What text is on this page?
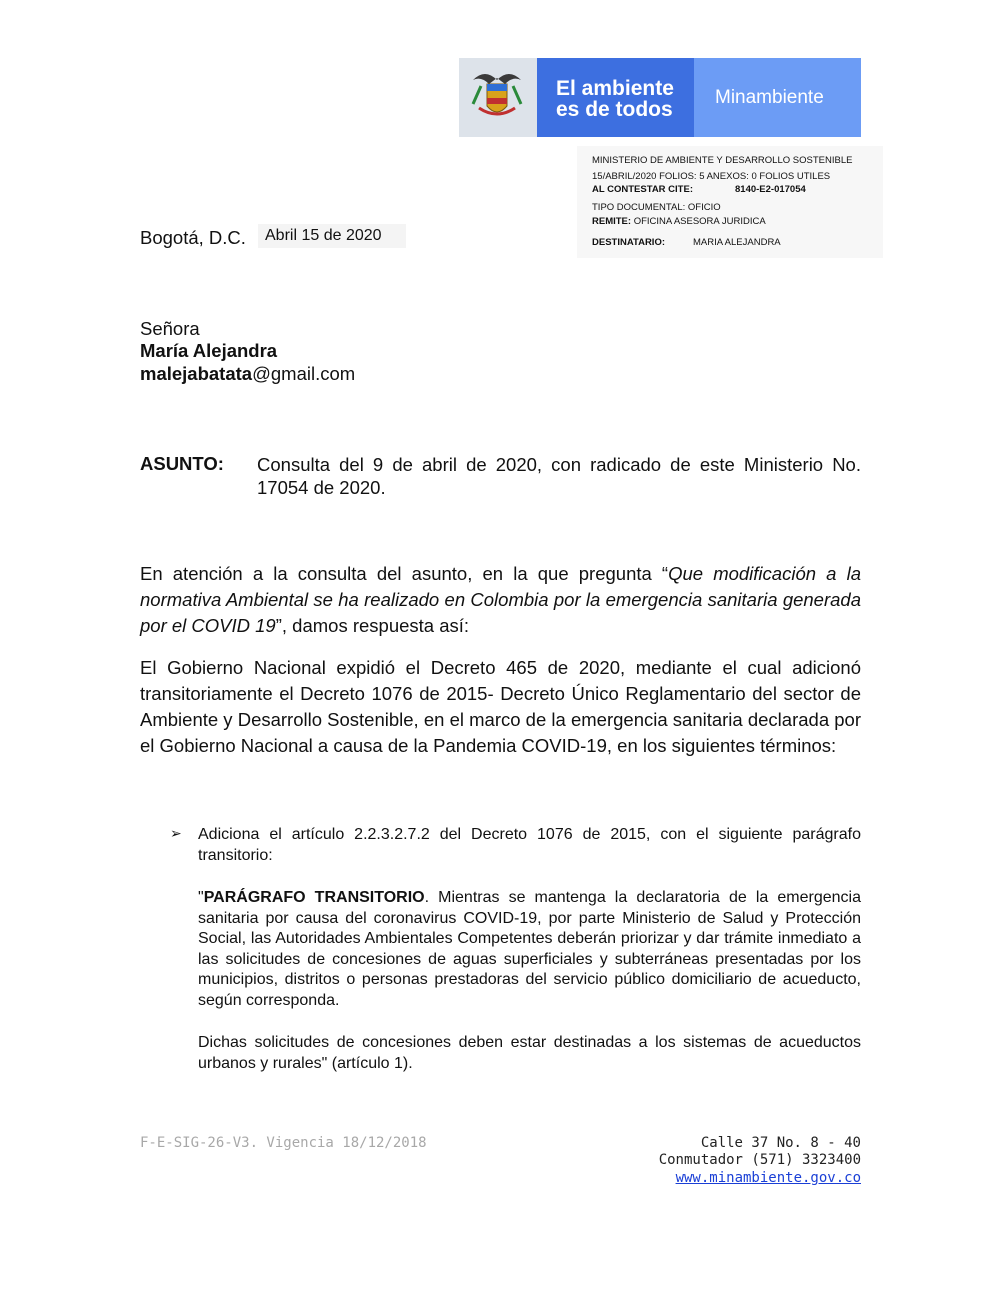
El ambiente
es de todos
Minambiente
MINISTERIO DE AMBIENTE Y DESARROLLO SOSTENIBLE
15/ABRIL/2020 FOLIOS: 5 ANEXOS: 0 FOLIOS UTILES
AL CONTESTAR CITE:	8140-E2-017054
TIPO DOCUMENTAL: OFICIO
REMITE: OFICINA ASESORA JURIDICA
DESTINATARIO:	MARIA ALEJANDRA
Bogotá, D.C. Abril 15 de 2020
Señora
María Alejandra
malejabatata@gmail.com
ASUNTO: Consulta del 9 de abril de 2020, con radicado de este Ministerio No. 17054 de 2020.
En atención a la consulta del asunto, en la que pregunta “Que modificación a la normativa Ambiental se ha realizado en Colombia por la emergencia sanitaria generada por el COVID 19”, damos respuesta así:
El Gobierno Nacional expidió el Decreto 465 de 2020, mediante el cual adicionó transitoriamente el Decreto 1076 de 2015- Decreto Único Reglamentario del sector de Ambiente y Desarrollo Sostenible, en el marco de la emergencia sanitaria declarada por el Gobierno Nacional a causa de la Pandemia COVID-19, en los siguientes términos:
➢ Adiciona el artículo 2.2.3.2.7.2 del Decreto 1076 de 2015, con el siguiente parágrafo transitorio:
"PARÁGRAFO TRANSITORIO. Mientras se mantenga la declaratoria de la emergencia sanitaria por causa del coronavirus COVID-19, por parte Ministerio de Salud y Protección Social, las Autoridades Ambientales Competentes deberán priorizar y dar trámite inmediato a las solicitudes de concesiones de aguas superficiales y subterráneas presentadas por los municipios, distritos o personas prestadoras del servicio público domiciliario de acueducto, según corresponda.
Dichas solicitudes de concesiones deben estar destinadas a los sistemas de acueductos urbanos y rurales" (artículo 1).
F-E-SIG-26-V3. Vigencia 18/12/2018	Calle 37 No. 8 - 40
Conmutador (571) 3323400
www.minambiente.gov.co
